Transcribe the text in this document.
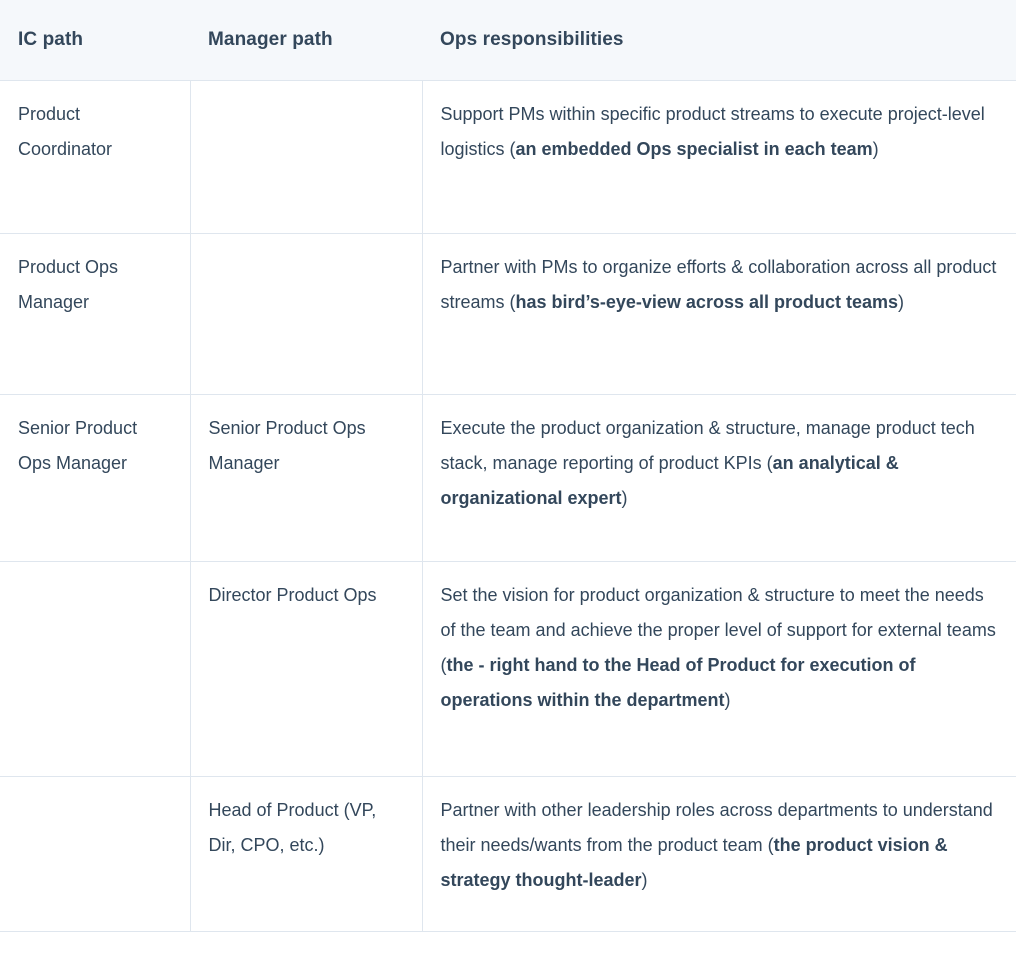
IC path	Manager path	Ops responsibilities
Product Coordinator		Support PMs within specific product streams to execute project-level logistics (an embedded Ops specialist in each team)
Product Ops Manager		Partner with PMs to organize efforts & collaboration across all product streams (has bird’s-eye-view across all product teams)
Senior Product Ops Manager	Senior Product Ops Manager	Execute the product organization & structure, manage product tech stack, manage reporting of product KPIs (an analytical & organizational expert)
	Director Product Ops	Set the vision for product organization & structure to meet the needs of the team and achieve the proper level of support for external teams (the - right hand to the Head of Product for execution of operations within the department)
	Head of Product (VP, Dir, CPO, etc.)	Partner with other leadership roles across departments to understand their needs/wants from the product team (the product vision & strategy thought-leader)
